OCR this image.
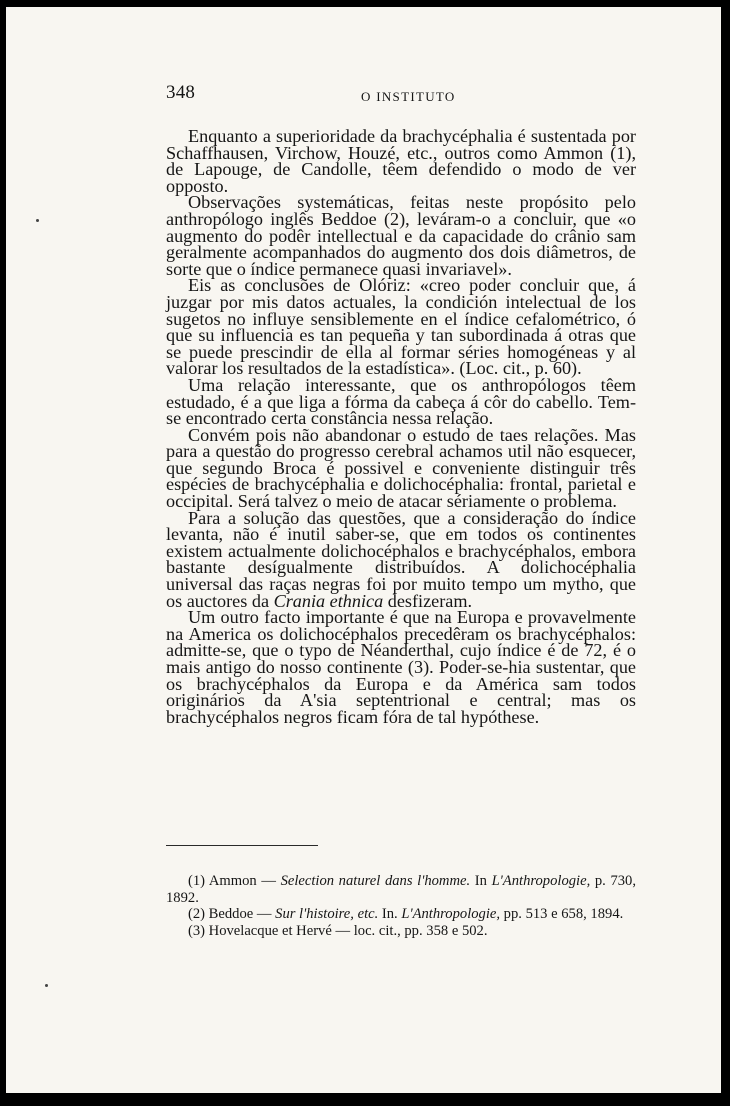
348	O INSTITUTO

Enquanto a superioridade da brachycéphalia é sustentada por Schaffhausen, Virchow, Houzé, etc., outros como Ammon (1), de Lapouge, de Candolle, têem defendido o modo de ver opposto.

Observações systemáticas, feitas neste propósito pelo anthropólogo inglês Beddoe (2), leváram-o a concluir, que «o augmento do podêr intellectual e da capacidade do crânio sam geralmente acompanhados do augmento dos dois diâmetros, de sorte que o índice permanece quasi invariavel».

Eis as conclusões de Olóriz: «creo poder concluir que, á juzgar por mis datos actuales, la condición intelectual de los sugetos no influye sensiblemente en el índice cefalométrico, ó que su influencia es tan pequeña y tan subordinada á otras que se puede prescindir de ella al formar séries homogéneas y al valorar los resultados de la estadística». (Loc. cit., p. 60).

Uma relação interessante, que os anthropólogos têem estudado, é a que liga a fórma da cabeça á côr do cabello. Tem-se encontrado certa constância nessa relação.

Convém pois não abandonar o estudo de taes relações. Mas para a questão do progresso cerebral achamos util não esquecer, que segundo Broca é possivel e conveniente distinguir três espécies de brachycéphalia e dolichocéphalia: frontal, parietal e occipital. Será talvez o meio de atacar sériamente o problema.

Para a solução das questões, que a consideração do índice levanta, não é inutil saber-se, que em todos os continentes existem actualmente dolichocéphalos e brachycéphalos, embora bastante desígualmente distribuídos. A dolichocéphalia universal das raças negras foi por muito tempo um mytho, que os auctores da Crania ethnica desfizeram.

Um outro facto importante é que na Europa e provavelmente na America os dolichocéphalos precedêram os brachycéphalos: admitte-se, que o typo de Néanderthal, cujo índice é de 72, é o mais antigo do nosso continente (3). Poder-se-hia sustentar, que os brachycéphalos da Europa e da América sam todos originários da A'sia septentrional e central; mas os brachycéphalos negros ficam fóra de tal hypóthese.

(1) Ammon — Selection naturel dans l'homme. In L'Anthropologie, p. 730, 1892.

(2) Beddoe — Sur l'histoire, etc. In. L'Anthropologie, pp. 513 e 658, 1894.

(3) Hovelacque et Hervé — loc. cit., pp. 358 e 502.
